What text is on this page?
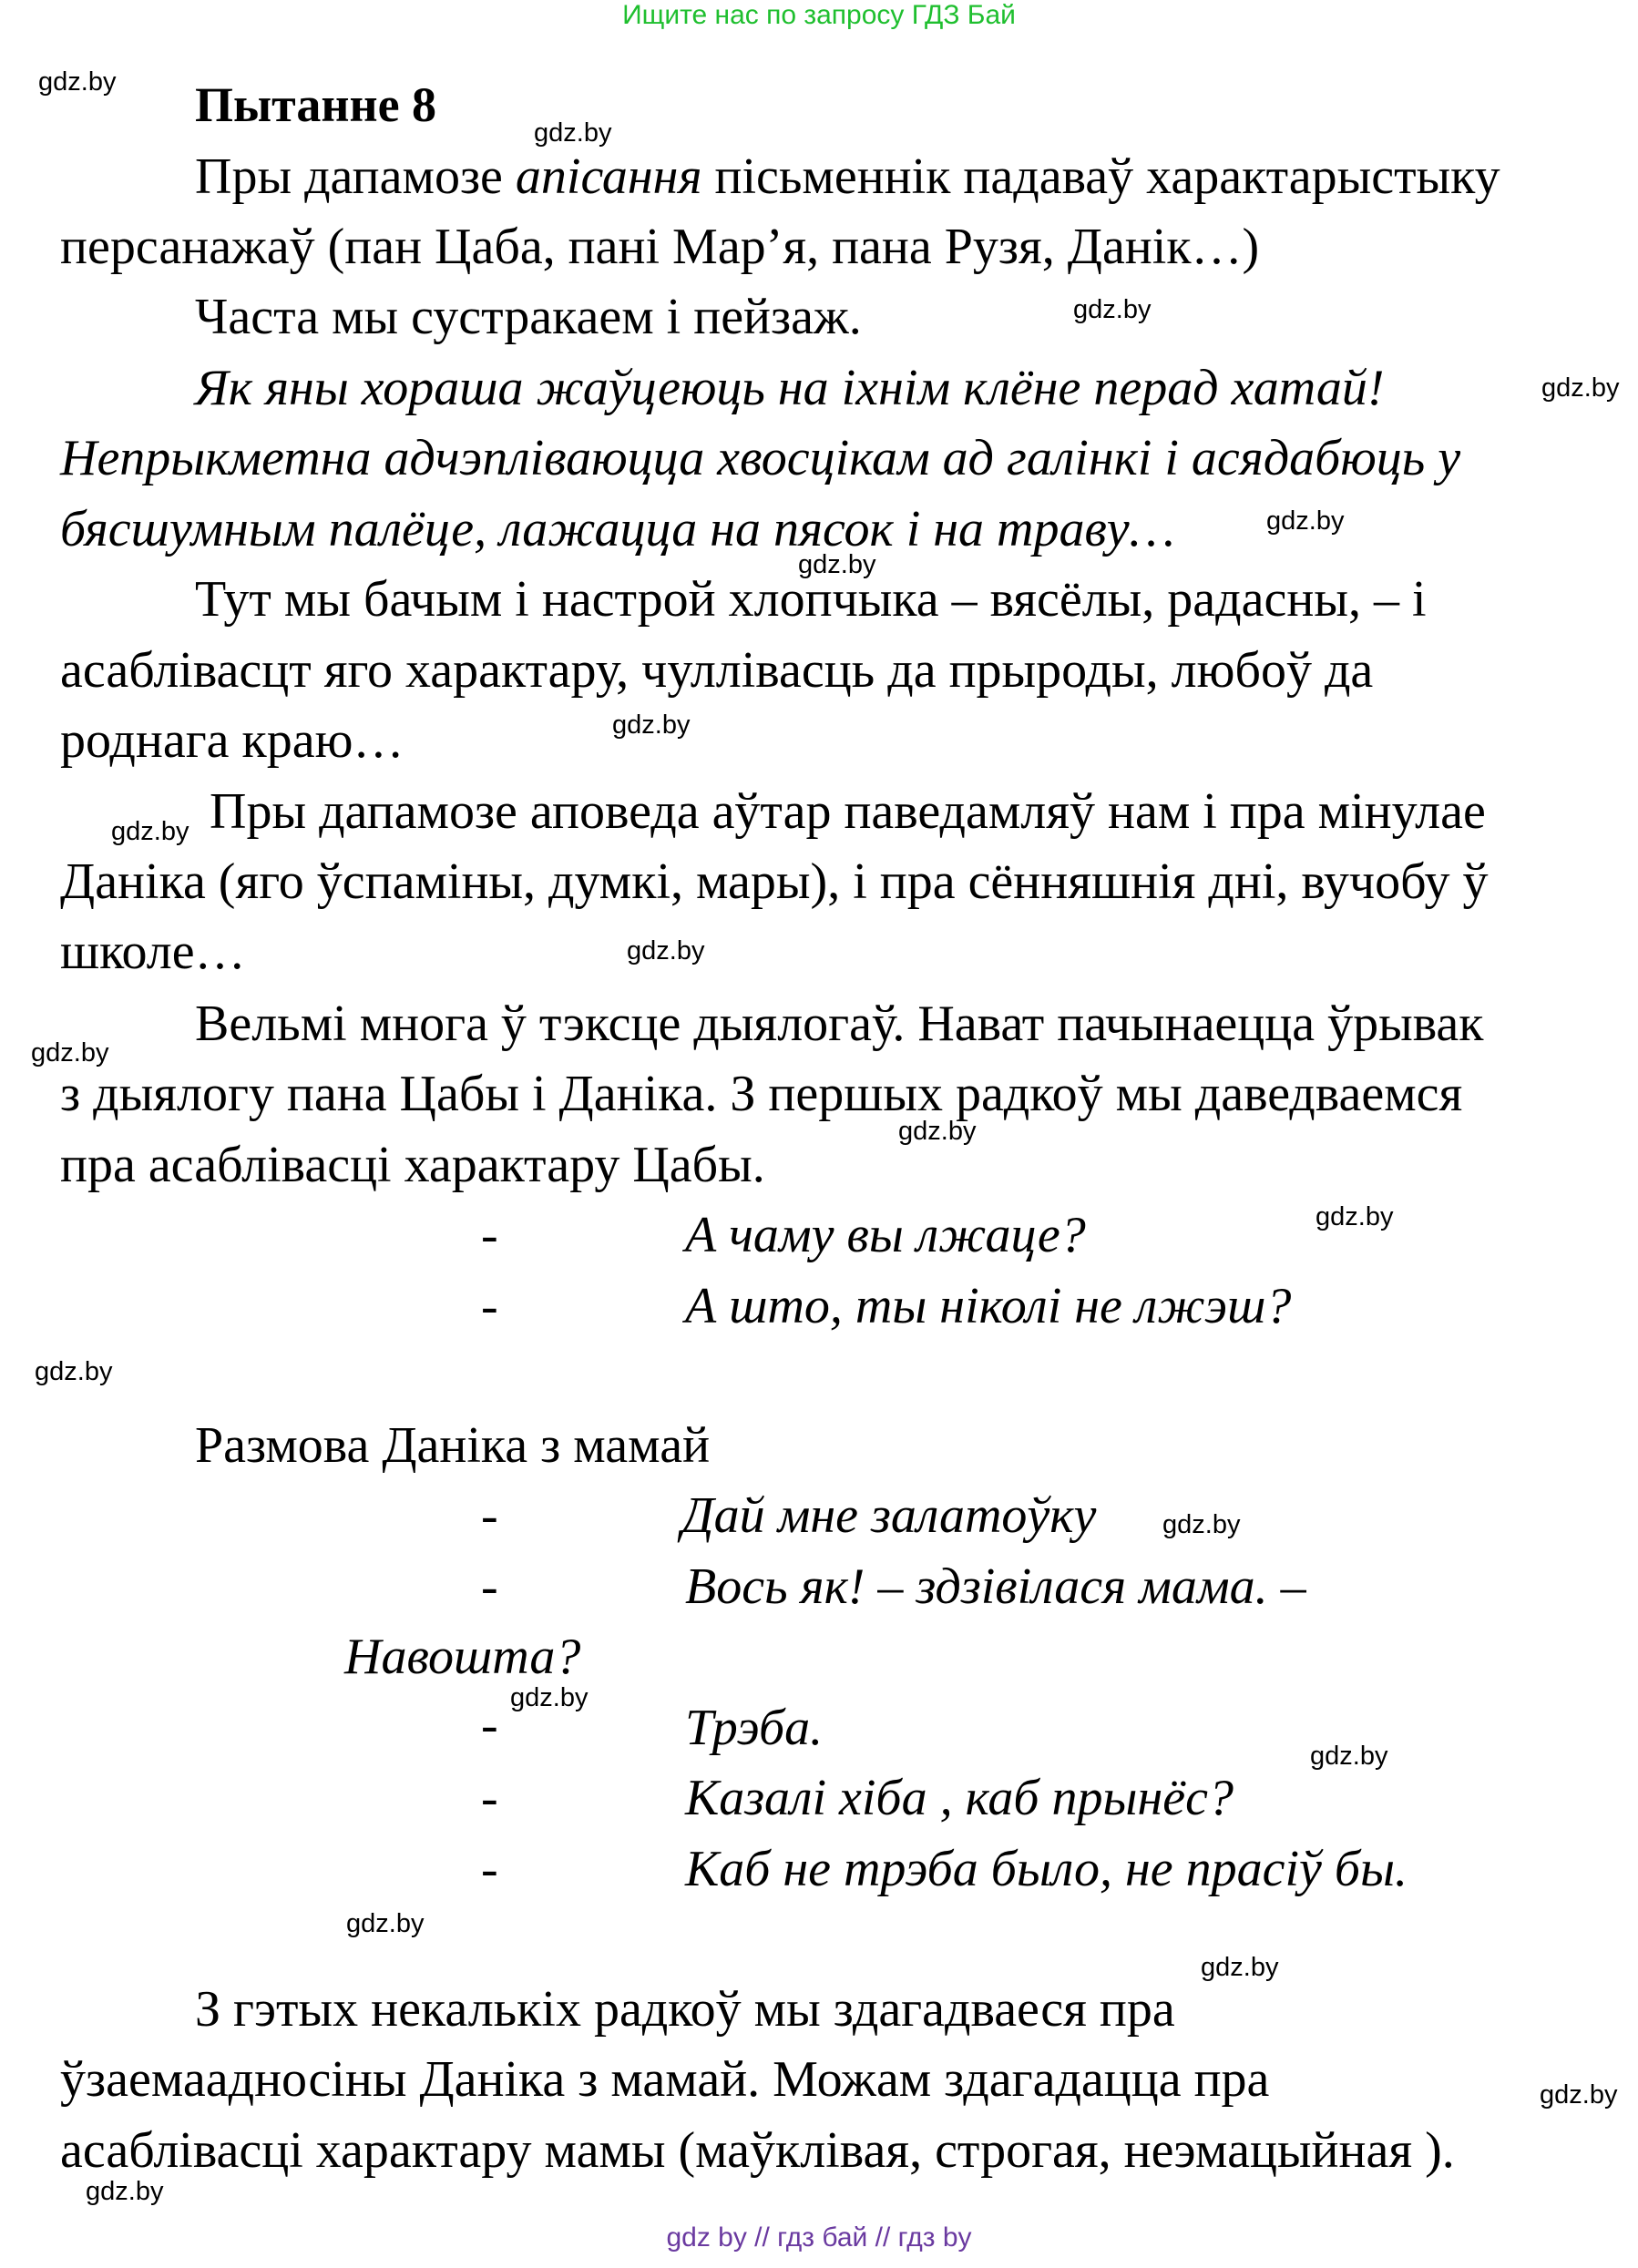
Ищите нас по запросу ГДЗ Бай
Пытанне 8
Пры дапамозе апісання пісьменнік падаваў характарыстыку
персанажаў (пан Цаба, пані Мар’я, пана Рузя, Данік…)
Часта мы сустракаем і пейзаж.
Як яны хораша жаўцеюць на іхнім клёне перад хатай!
Непрыкметна адчэпліваюцца хвосцікам ад галінкі і асядабюць у
бясшумным палёце, лажацца на пясок і на траву…
Тут мы бачым і настрой хлопчыка – вясёлы, радасны, – і
асаблівасцт яго характару, чуллівасць да прыроды, любоў да
роднага краю…
Пры дапамозе аповеда аўтар паведамляў нам і пра мінулае
Даніка (яго ўспаміны, думкі, мары), і пра сённяшнія дні, вучобу ў
школе…
Вельмі многа ў тэксце дыялогаў. Нават пачынаецца ўрывак
з дыялогу пана Цабы і Даніка. З першых радкоў мы даведваемся
пра асаблівасці характару Цабы.
-	А чаму вы лжаце?
-	А што, ты ніколі не лжэш?
Размова Даніка з мамай
-	Дай мне залатоўку
-	Вось як! – здзівілася мама. –
Навошта?
-	Трэба.
-	Казалі хіба , каб прынёс?
-	Каб не трэба было, не прасіў бы.
З гэтых некалькіх радкоў мы здагадваеся пра
ўзаемаадносіны Даніка з мамай. Можам здагадацца пра
асаблівасці характару мамы (маўклівая, строгая, неэмацыйная ).
gdz.by
gdz.by
gdz.by
gdz.by
gdz.by
gdz.by
gdz.by
gdz.by
gdz.by
gdz.by
gdz.by
gdz.by
gdz.by
gdz.by
gdz.by
gdz.by
gdz.by
gdz.by
gdz.by
gdz.by
gdz by // гдз бай // гдз by
